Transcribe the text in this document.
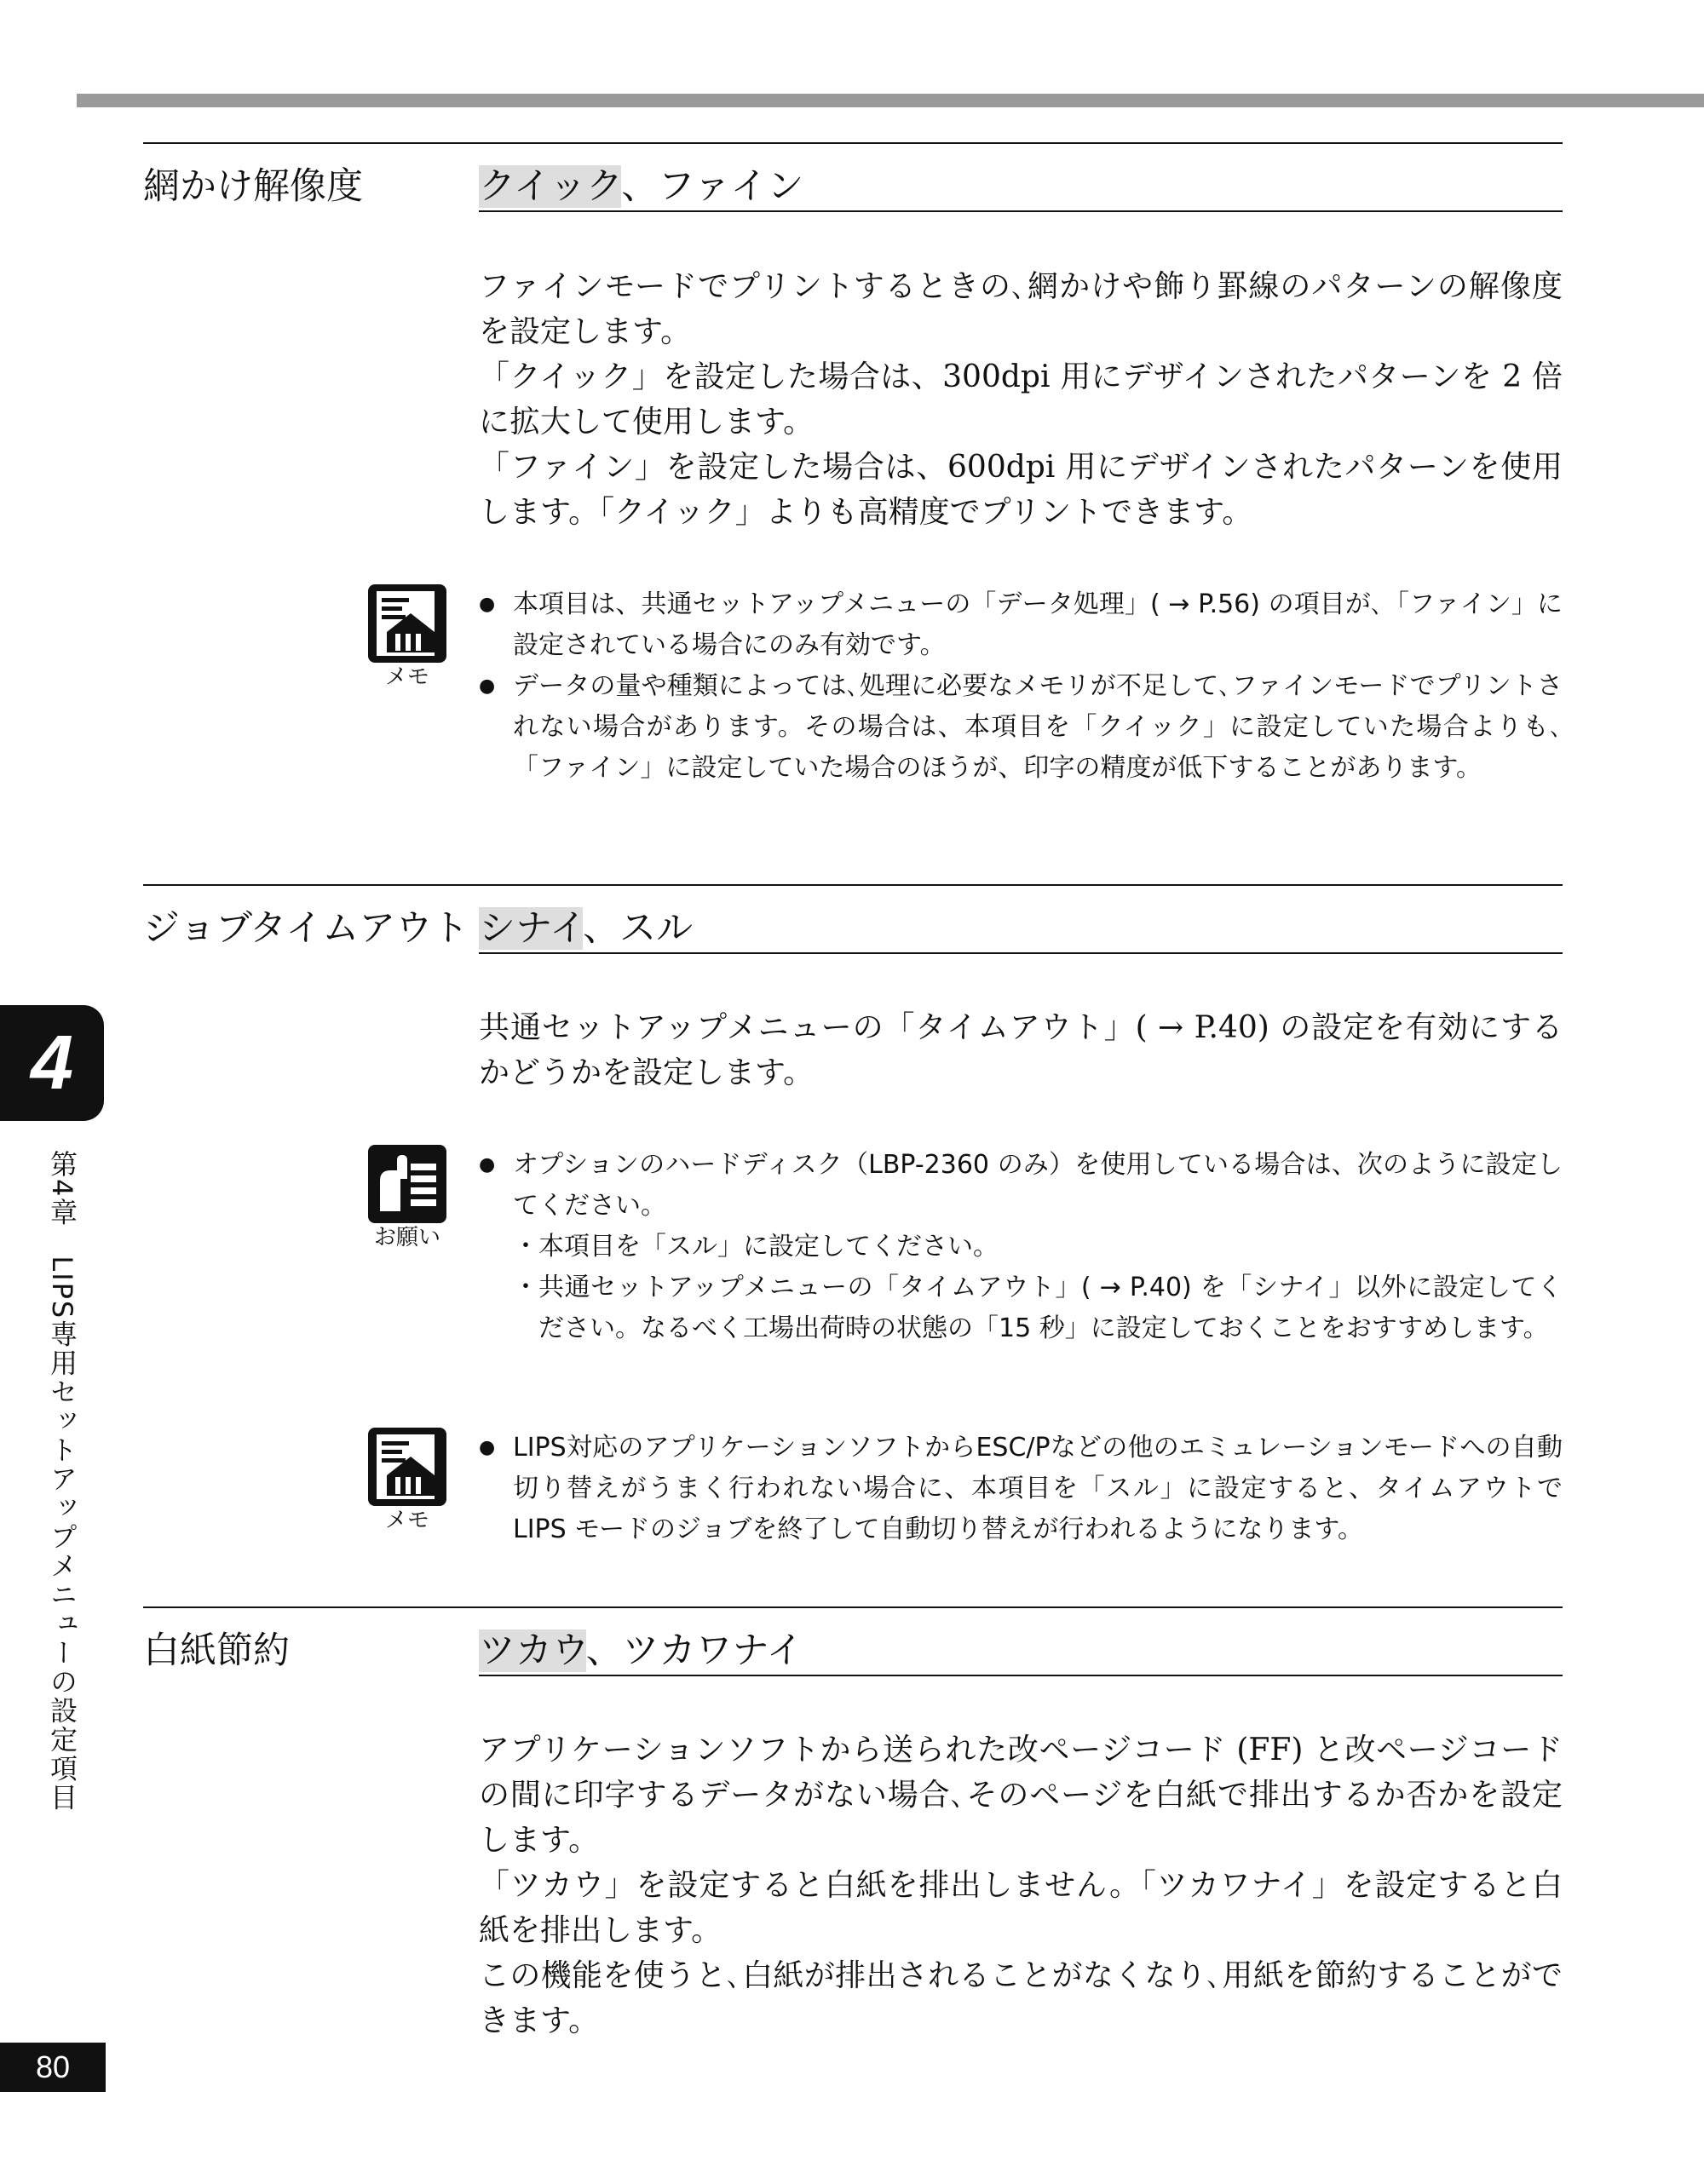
網かけ解像度	クイック、ファイン

ファインモードでプリントするときの､網かけや飾り罫線のパターンの解像度を設定します。

「クイック」を設定した場合は、300dpi 用にデザインされたパターンを 2 倍に拡大して使用します。

「ファイン」を設定した場合は、600dpi 用にデザインされたパターンを使用します。「クイック」よりも高精度でプリントできます。

メモ
● 本項目は、共通セットアップメニューの「データ処理」( → P.56) の項目が､「ファイン」に設定されている場合にのみ有効です。
● データの量や種類によっては､処理に必要なメモリが不足して､ファインモードでプリントされない場合があります。その場合は、本項目を「クイック」に設定していた場合よりも､「ファイン」に設定していた場合のほうが、印字の精度が低下することがあります。
ジョブタイムアウト シナイ、スル

共通セットアップメニューの「タイムアウト」( → P.40) の設定を有効にするかどうかを設定します。

お願い
● オプションのハードディスク（LBP-2360 のみ）を使用している場合は、次のように設定してください。
・ 本項目を「スル」に設定してください。
・ 共通セットアップメニューの「タイムアウト」( → P.40) を「シナイ」以外に設定してください。なるべく工場出荷時の状態の「15 秒」に設定しておくことをおすすめします。
メモ
● LIPS対応のアプリケーションソフトからESC/Pなどの他のエミュレーションモードへの自動切り替えがうまく行われない場合に、本項目を「スル」に設定すると、タイムアウトで LIPS モードのジョブを終了して自動切り替えが行われるようになります。
白紙節約	ツカウ、ツカワナイ

アプリケーションソフトから送られた改ページコード (FF) と改ページコードの間に印字するデータがない場合､そのページを白紙で排出するか否かを設定します。

「ツカウ」を設定すると白紙を排出しません。「ツカワナイ」を設定すると白紙を排出します。

この機能を使うと､白紙が排出されることがなくなり､用紙を節約することができます。

4
第4章　LIPS専用セットアップメニューの設定項目
80
